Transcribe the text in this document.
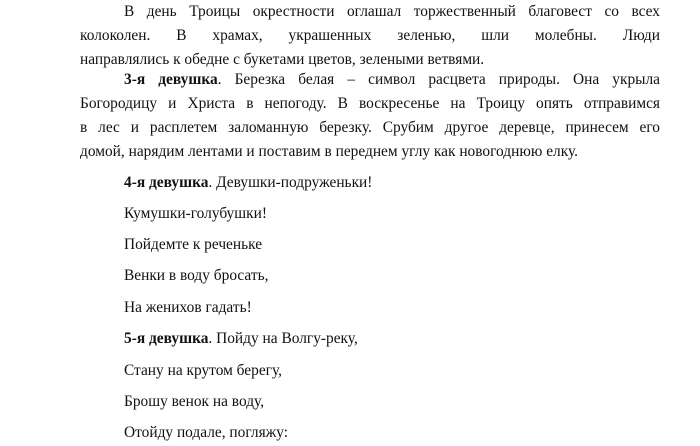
В день Троицы окрестности оглашал торжественный благовест со всех
колоколен. В храмах, украшенных зеленью, шли молебны. Люди
направлялись к обедне с букетами цветов, зелеными ветвями.
3-я девушка. Березка белая – символ расцвета природы. Она укрыла
Богородицу и Христа в непогоду. В воскресенье на Троицу опять отправимся
в лес и расплетем заломанную березку. Срубим другое деревце, принесем его
домой, нарядим лентами и поставим в переднем углу как новогоднюю елку.
4-я девушка. Девушки-подруженьки!
Кумушки-голубушки!
Пойдемте к реченьке
Венки в воду бросать,
На женихов гадать!
5-я девушка. Пойду на Волгу-реку,
Стану на крутом берегу,
Брошу венок на воду,
Отойду подале, погляжу:
